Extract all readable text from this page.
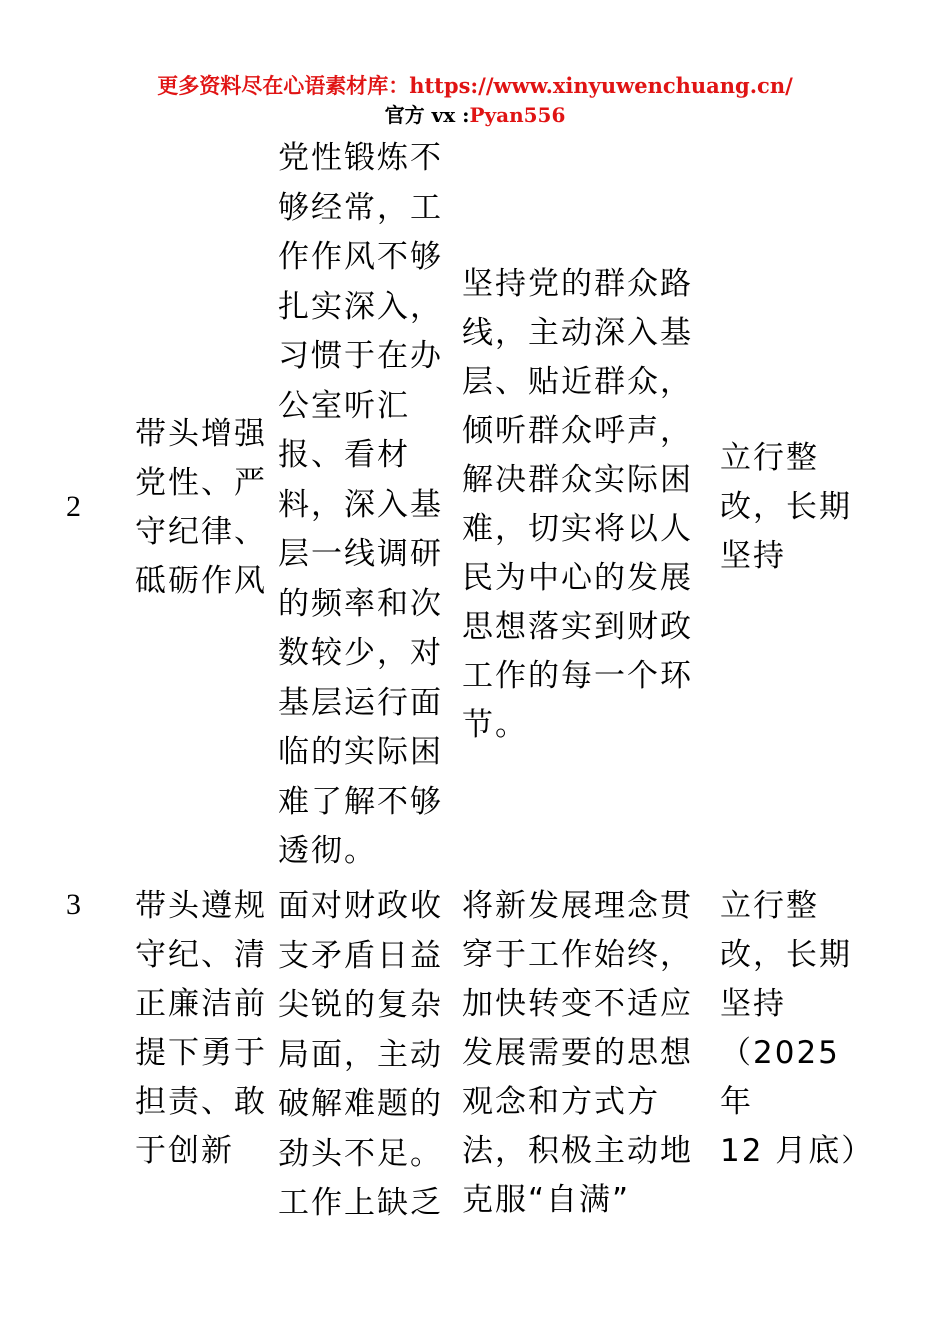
更多资料尽在心语素材库：https://www.xinyuwenchuang.cn/
官方 vx :Pyan556
2
带头增强
党性、严
守纪律、
砥砺作风
党性锻炼不
够经常，工
作作风不够
扎实深入，
习惯于在办
公室听汇
报、看材
料，深入基
层一线调研
的频率和次
数较少，对
基层运行面
临的实际困
难了解不够
透彻。
坚持党的群众路
线，主动深入基
层、贴近群众，
倾听群众呼声，
解决群众实际困
难，切实将以人
民为中心的发展
思想落实到财政
工作的每一个环
节。
立行整
改，长期
坚持
3 带头遵规
守纪、清
正廉洁前
提下勇于
担责、敢
于创新
面对财政收
支矛盾日益
尖锐的复杂
局面，主动
破解难题的
劲头不足。
工作上缺乏
将新发展理念贯
穿于工作始终，
加快转变不适应
发展需要的思想
观念和方式方
法，积极主动地
克服“自满”
立行整
改，长期
坚持
（2025 年
12 月底）
